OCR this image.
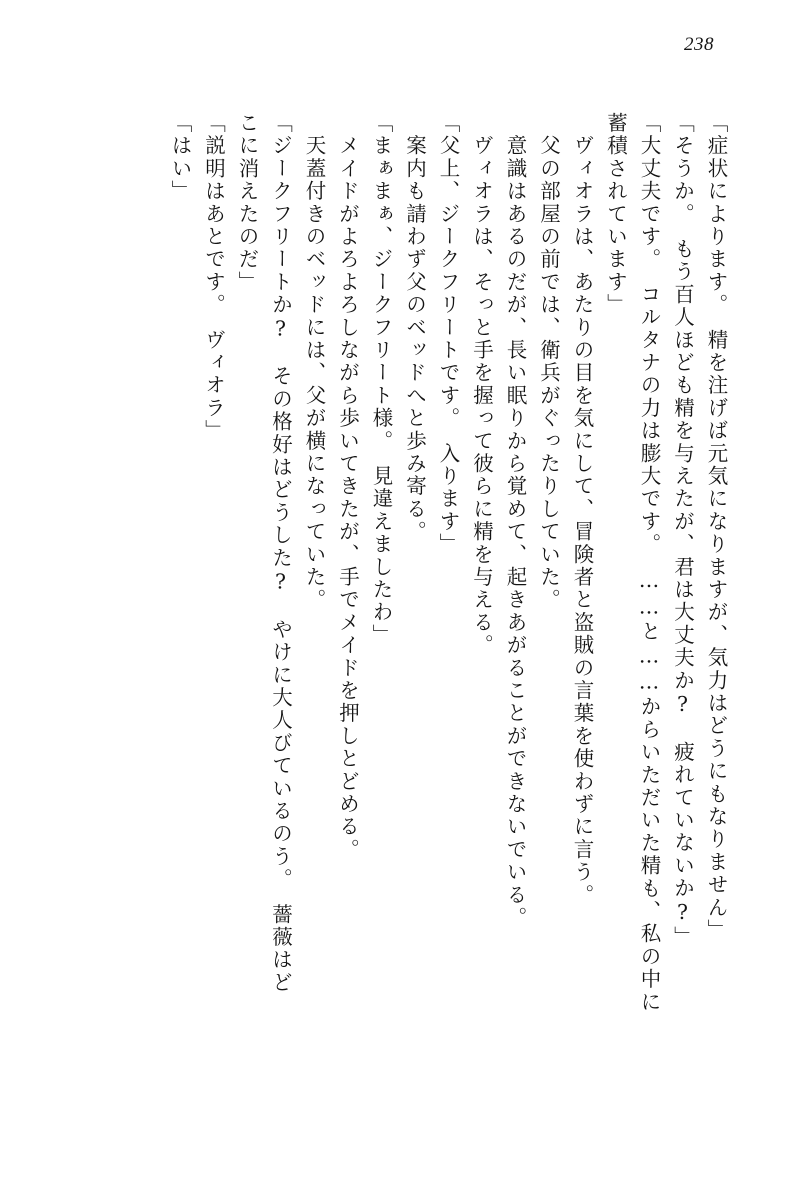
238
「症状によります。　精を注げば元気になりますが、気力はどうにもなりません」
「そうか。　もう百人ほども精を与えたが、君は大丈夫か?　疲れていないか?」
「大丈夫です。　コルタナの力は膨大です。　……と……からいただいた精も、私の中に
蓄積されています」
　ヴィオラは、あたりの目を気にして、冒険者と盗賊の言葉を使わずに言う。
　父の部屋の前では、衛兵がぐったりしていた。
　意識はあるのだが、長い眠りから覚めて、起きあがることができないでいる。
　ヴィオラは、そっと手を握って彼らに精を与える。
「父上、ジークフリートです。　入ります」
　案内も請わず父のベッドへと歩み寄る。
「まぁまぁ、ジークフリート様。　見違えましたわ」
　メイドがよろよろしながら歩いてきたが、手でメイドを押しとどめる。
　天蓋付きのベッドには、父が横になっていた。
「ジークフリートか?　その格好はどうした?　やけに大人びているのう。　薔薇はど
こに消えたのだ」
「説明はあとです。　ヴィオラ」
「はい」
